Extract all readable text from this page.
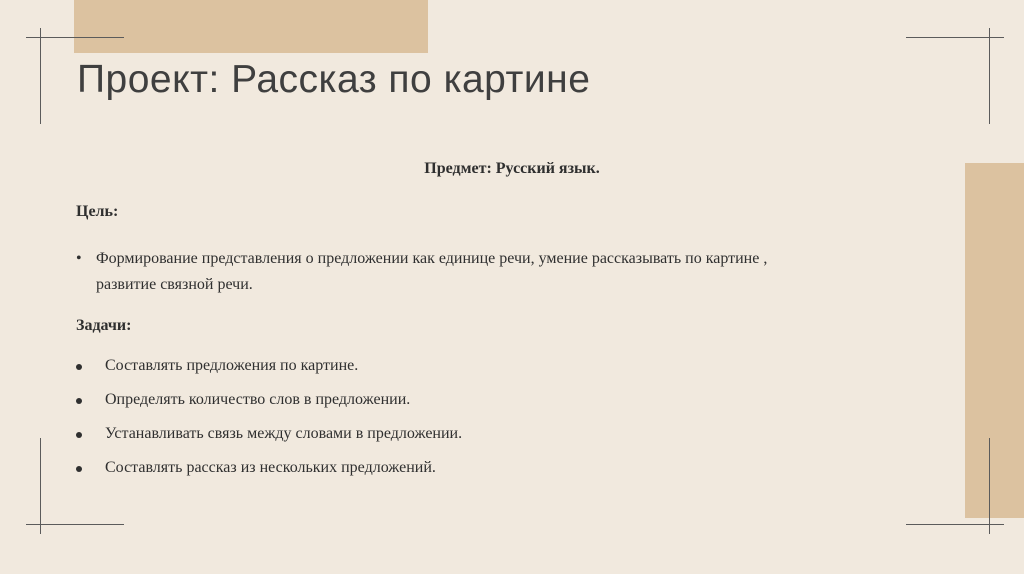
Проект: Рассказ по картине
Предмет: Русский язык.
Цель:
• Формирование представления о предложении как единице речи, умение рассказывать по картине ,
развитие связной речи.
Задачи:
Составлять предложения по картине.
Определять количество слов в предложении.
Устанавливать связь между словами в предложении.
Составлять рассказ из нескольких предложений.
